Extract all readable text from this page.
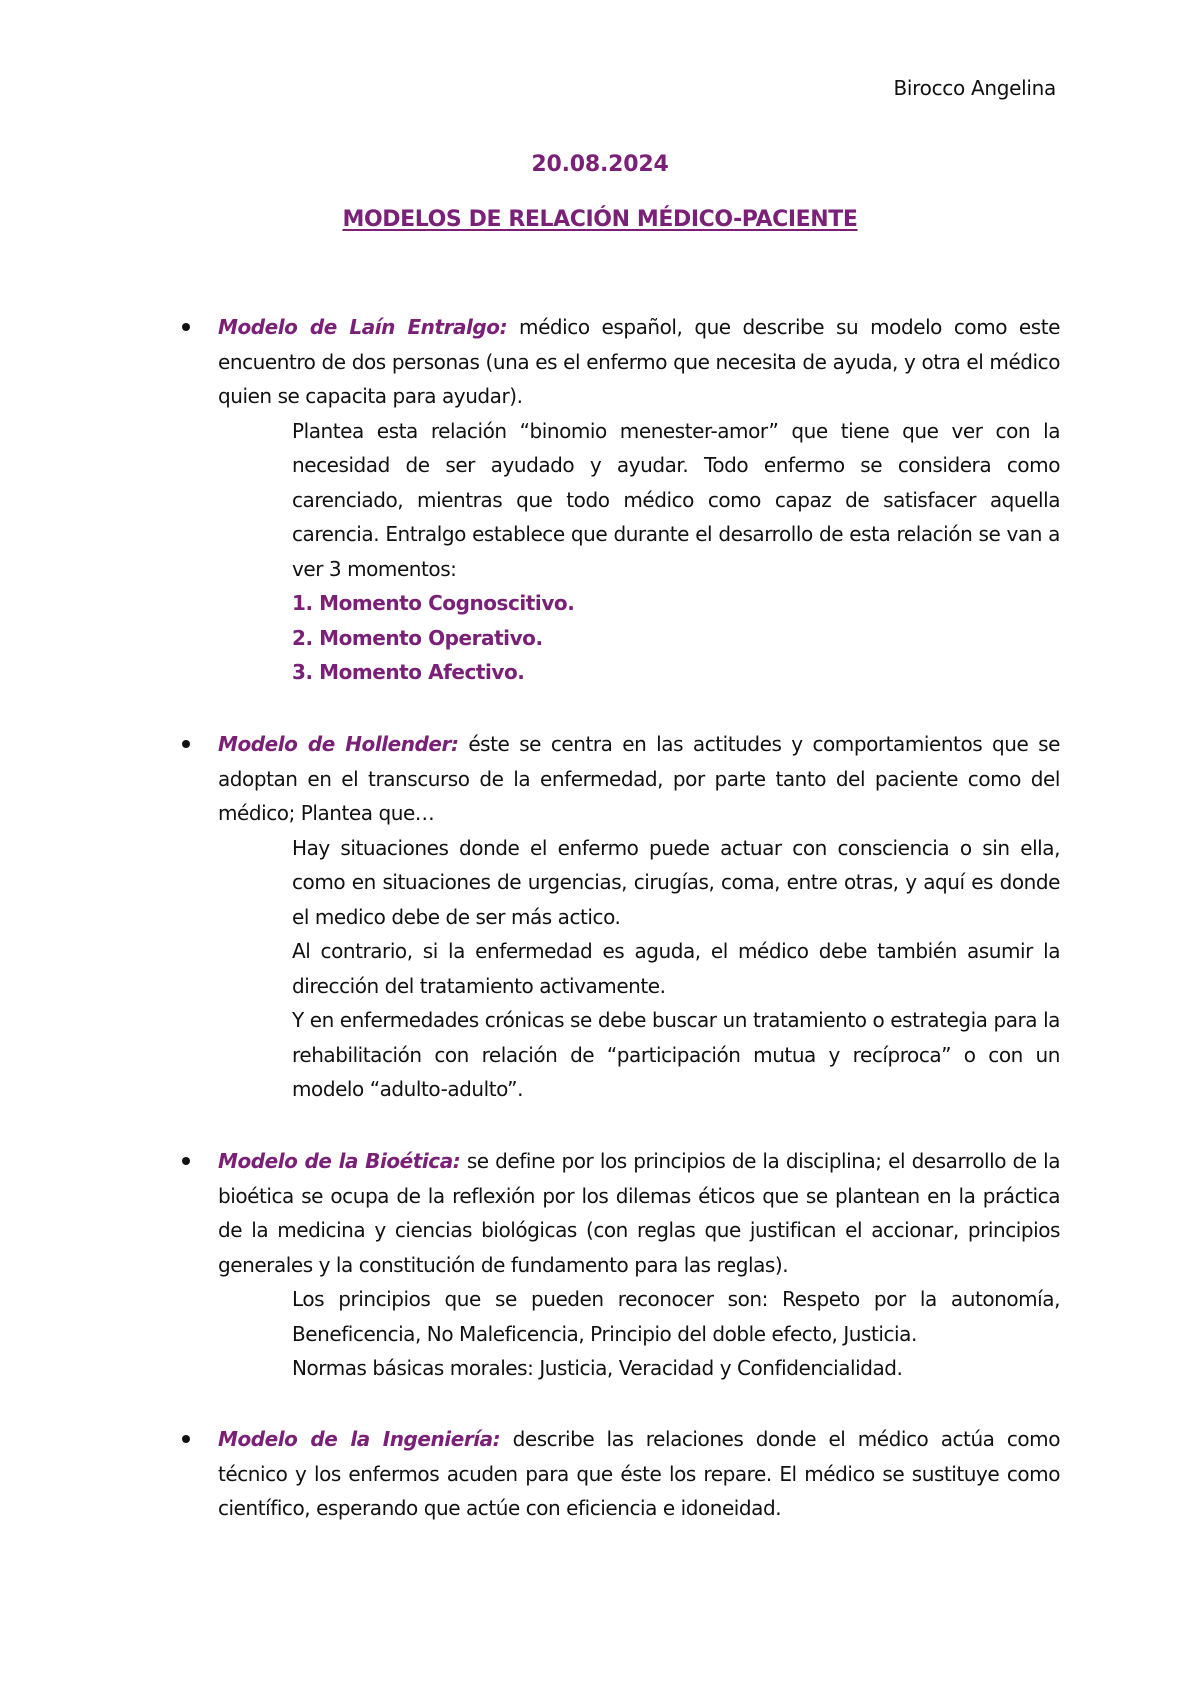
Birocco Angelina
20.08.2024
MODELOS DE RELACIÓN MÉDICO-PACIENTE

Modelo de Laín Entralgo: médico español, que describe su modelo como este encuentro de dos personas (una es el enfermo que necesita de ayuda, y otra el médico quien se capacita para ayudar).

Plantea esta relación “binomio menester-amor” que tiene que ver con la necesidad de ser ayudado y ayudar. Todo enfermo se considera como carenciado, mientras que todo médico como capaz de satisfacer aquella carencia. Entralgo establece que durante el desarrollo de esta relación se van a ver 3 momentos:

1. Momento Cognoscitivo.

2. Momento Operativo.

3. Momento Afectivo.

Modelo de Hollender: éste se centra en las actitudes y comportamientos que se adoptan en el transcurso de la enfermedad, por parte tanto del paciente como del médico; Plantea que…

Hay situaciones donde el enfermo puede actuar con consciencia o sin ella, como en situaciones de urgencias, cirugías, coma, entre otras, y aquí es donde el medico debe de ser más actico.

Al contrario, si la enfermedad es aguda, el médico debe también asumir la dirección del tratamiento activamente.

Y en enfermedades crónicas se debe buscar un tratamiento o estrategia para la rehabilitación con relación de “participación mutua y recíproca” o con un modelo “adulto-adulto”.

Modelo de la Bioética: se define por los principios de la disciplina; el desarrollo de la bioética se ocupa de la reflexión por los dilemas éticos que se plantean en la práctica de la medicina y ciencias biológicas (con reglas que justifican el accionar, principios generales y la constitución de fundamento para las reglas).

Los principios que se pueden reconocer son: Respeto por la autonomía, Beneficencia, No Maleficencia, Principio del doble efecto, Justicia.

Normas básicas morales: Justicia, Veracidad y Confidencialidad.

Modelo de la Ingeniería: describe las relaciones donde el médico actúa como técnico y los enfermos acuden para que éste los repare. El médico se sustituye como científico, esperando que actúe con eficiencia e idoneidad.
